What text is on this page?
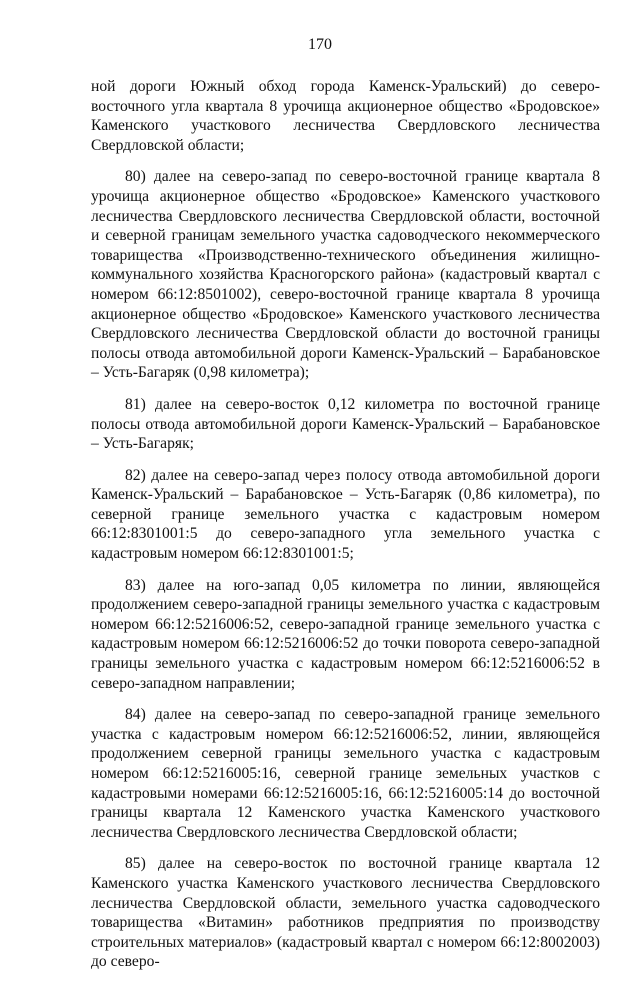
170

ной дороги Южный обход города Каменск-Уральский) до северо-восточного угла квартала 8 урочища акционерное общество «Бродовское» Каменского участкового лесничества Свердловского лесничества Свердловской области;

80) далее на северо-запад по северо-восточной границе квартала 8 урочища акционерное общество «Бродовское» Каменского участкового лесничества Свердловского лесничества Свердловской области, восточной и северной границам земельного участка садоводческого некоммерческого товарищества «Производственно-технического объединения жилищно-коммунального хозяйства Красногорского района» (кадастровый квартал с номером 66:12:8501002), северо-восточной границе квартала 8 урочища акционерное общество «Бродовское» Каменского участкового лесничества Свердловского лесничества Свердловской области до восточной границы полосы отвода автомобильной дороги Каменск-Уральский – Барабановское – Усть-Багаряк (0,98 километра);

81) далее на северо-восток 0,12 километра по восточной границе полосы отвода автомобильной дороги Каменск-Уральский – Барабановское – Усть-Багаряк;

82) далее на северо-запад через полосу отвода автомобильной дороги Каменск-Уральский – Барабановское – Усть-Багаряк (0,86 километра), по северной границе земельного участка с кадастровым номером 66:12:8301001:5 до северо-западного угла земельного участка с кадастровым номером 66:12:8301001:5;

83) далее на юго-запад 0,05 километра по линии, являющейся продолжением северо-западной границы земельного участка с кадастровым номером 66:12:5216006:52, северо-западной границе земельного участка с кадастровым номером 66:12:5216006:52 до точки поворота северо-западной границы земельного участка с кадастровым номером 66:12:5216006:52 в северо-западном направлении;

84) далее на северо-запад по северо-западной границе земельного участка с кадастровым номером 66:12:5216006:52, линии, являющейся продолжением северной границы земельного участка с кадастровым номером 66:12:5216005:16, северной границе земельных участков с кадастровыми номерами 66:12:5216005:16, 66:12:5216005:14 до восточной границы квартала 12 Каменского участка Каменского участкового лесничества Свердловского лесничества Свердловской области;

85) далее на северо-восток по восточной границе квартала 12 Каменского участка Каменского участкового лесничества Свердловского лесничества Свердловской области, земельного участка садоводческого товарищества «Витамин» работников предприятия по производству строительных материалов» (кадастровый квартал с номером 66:12:8002003) до северо-
